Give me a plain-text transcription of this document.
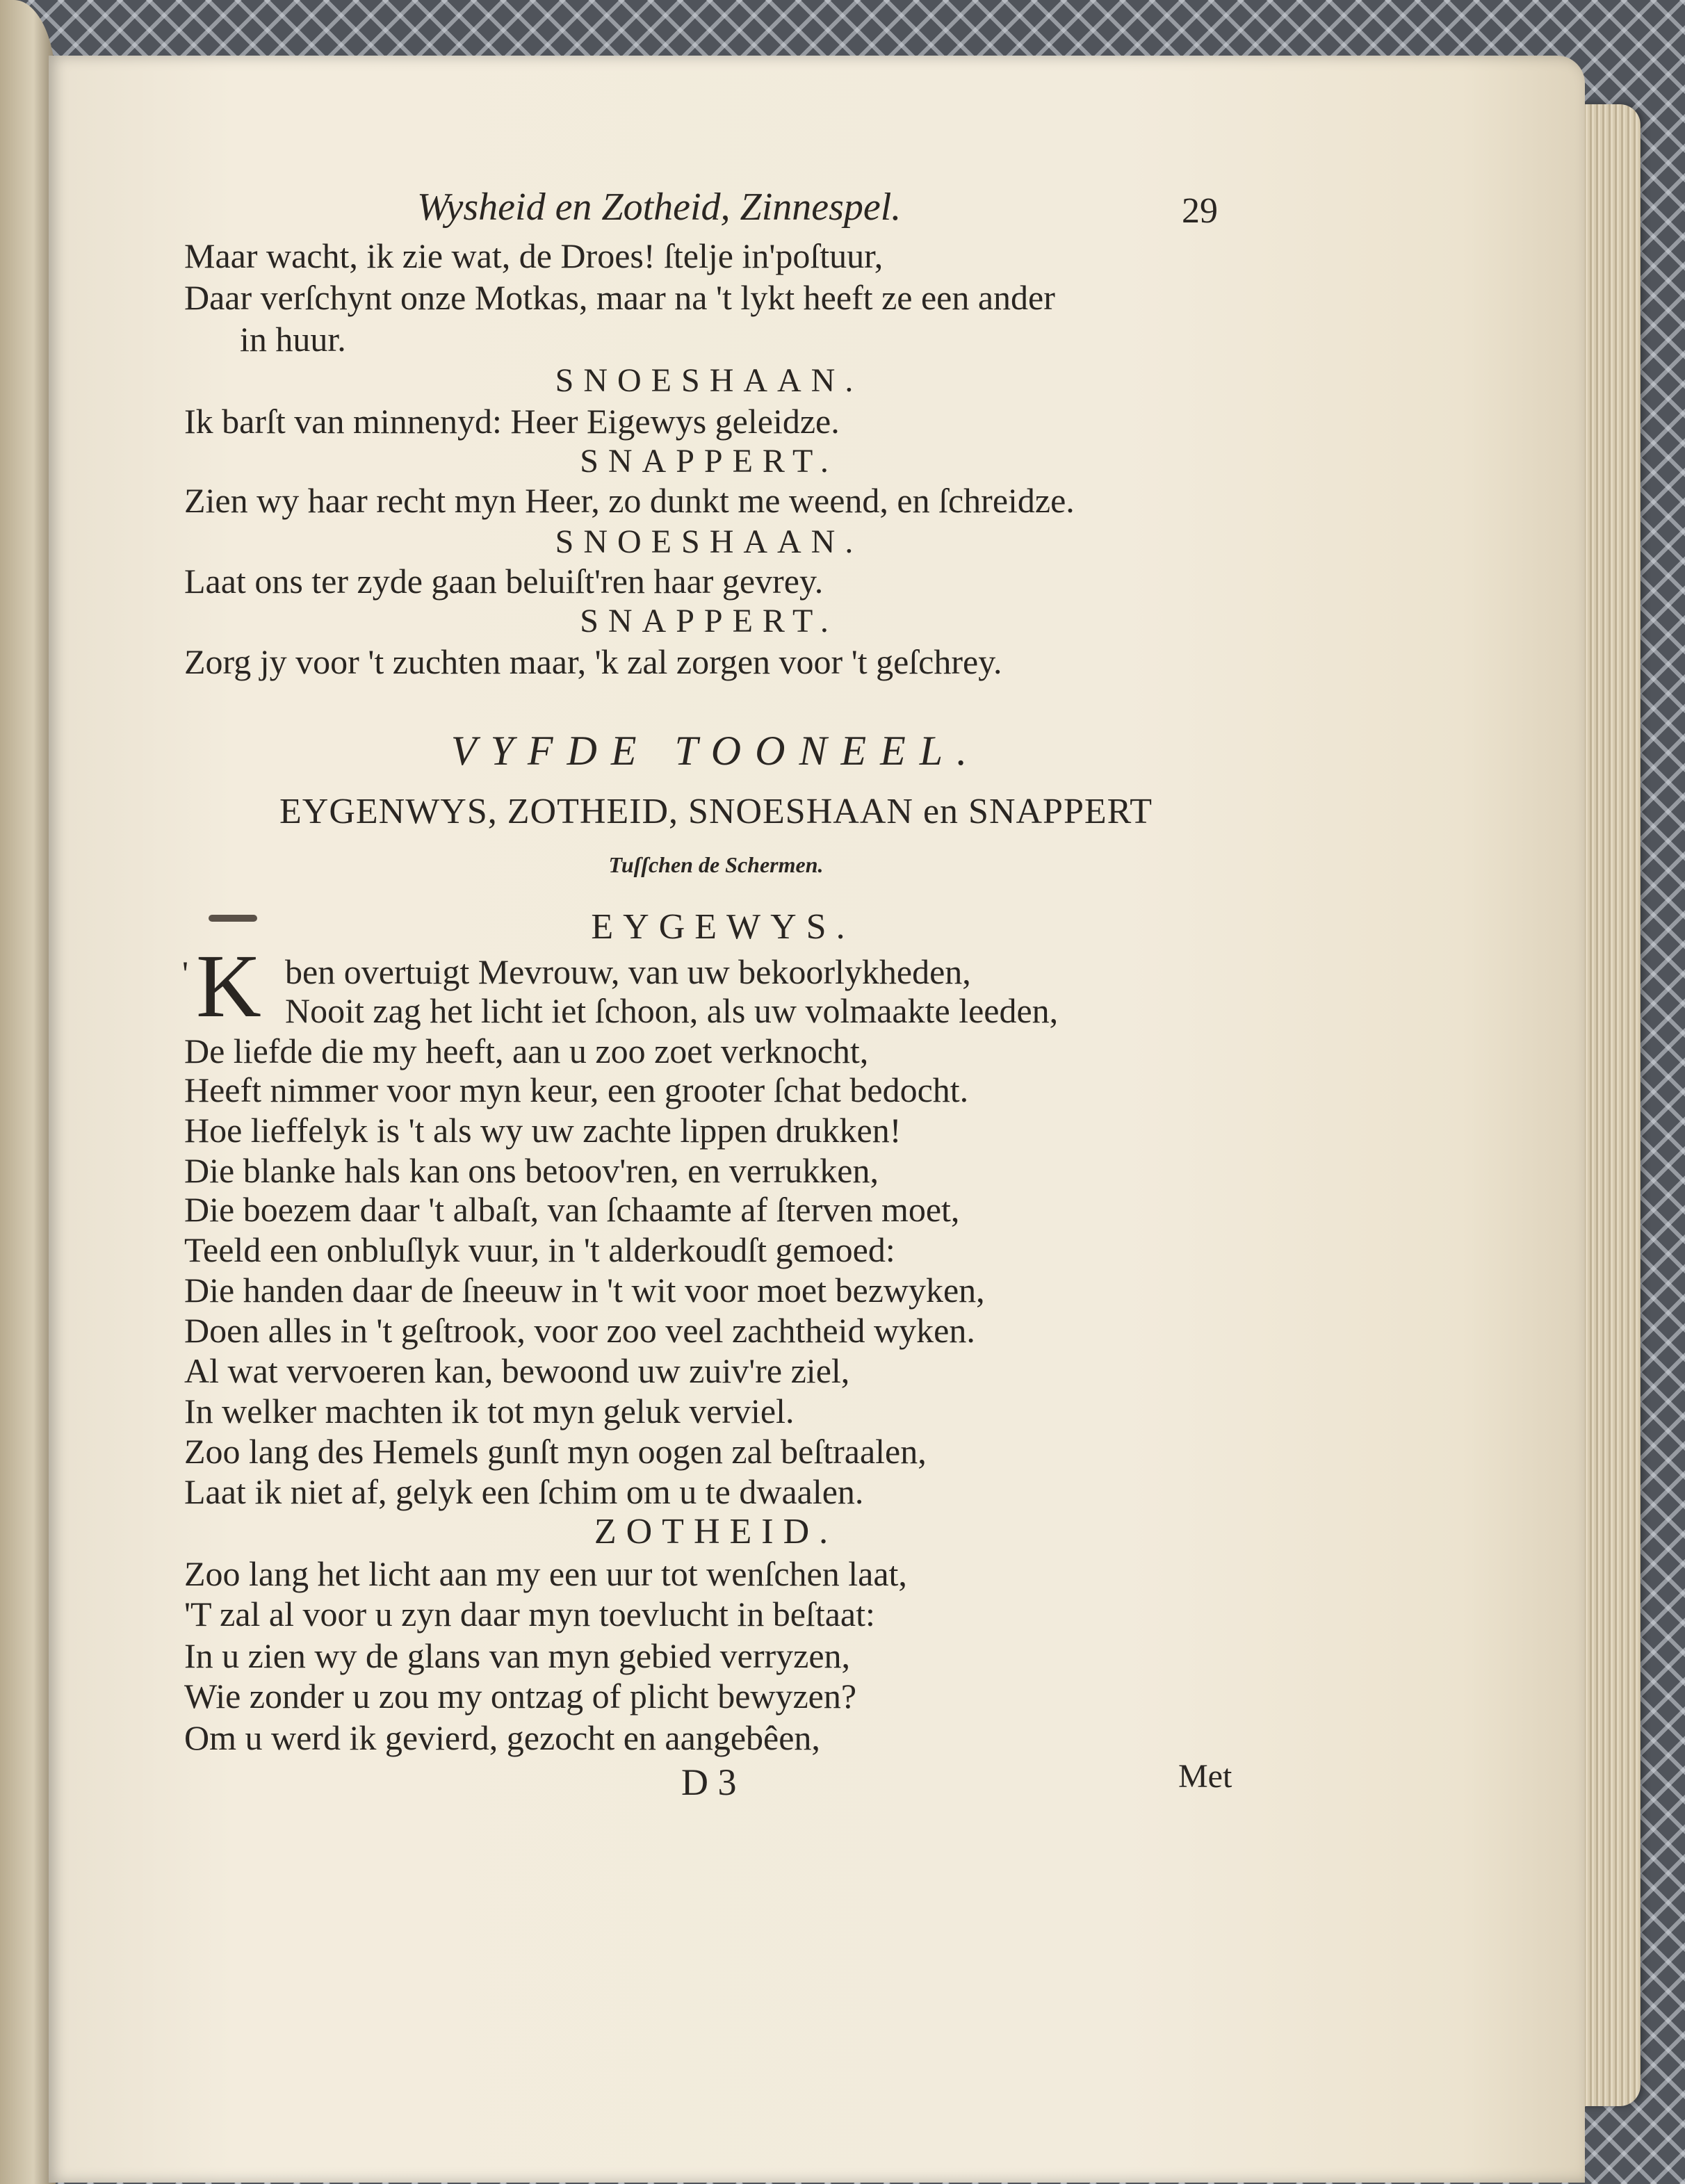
Wysheid en Zotheid, Zinnespel.	29
Maar wacht, ik zie wat, de Droes! ſtelje in'poſtuur,
Daar verſchynt onze Motkas, maar na 't lykt heeft ze een ander
in huur.
SNOESHAAN.
Ik barſt van minnenyd: Heer Eigewys geleidze.
SNAPPERT.
Zien wy haar recht myn Heer, zo dunkt me weend, en ſchreidze.
SNOESHAAN.
Laat ons ter zyde gaan beluiſt'ren haar gevrey.
SNAPPERT.
Zorg jy voor 't zuchten maar, 'k zal zorgen voor 't geſchrey.
VYFDE TOONEEL.
EYGENWYS, ZOTHEID, SNOESHAAN en SNAPPERT
Tuſſchen de Schermen.
EYGEWYS.
' K ben overtuigt Mevrouw, van uw bekoorlykheden,
Nooit zag het licht iet ſchoon, als uw volmaakte leeden,
De liefde die my heeft, aan u zoo zoet verknocht,
Heeft nimmer voor myn keur, een grooter ſchat bedocht.
Hoe lieffelyk is 't als wy uw zachte lippen drukken!
Die blanke hals kan ons betoov'ren, en verrukken,
Die boezem daar 't albaſt, van ſchaamte af ſterven moet,
Teeld een onbluſlyk vuur, in 't alderkoudſt gemoed:
Die handen daar de ſneeuw in 't wit voor moet bezwyken,
Doen alles in 't geſtrook, voor zoo veel zachtheid wyken.
Al wat vervoeren kan, bewoond uw zuiv're ziel,
In welker machten ik tot myn geluk verviel.
Zoo lang des Hemels gunſt myn oogen zal beſtraalen,
Laat ik niet af, gelyk een ſchim om u te dwaalen.
ZOTHEID.
Zoo lang het licht aan my een uur tot wenſchen laat,
'T zal al voor u zyn daar myn toevlucht in beſtaat:
In u zien wy de glans van myn gebied verryzen,
Wie zonder u zou my ontzag of plicht bewyzen?
Om u werd ik gevierd, gezocht en aangebêen,
D 3	Met
